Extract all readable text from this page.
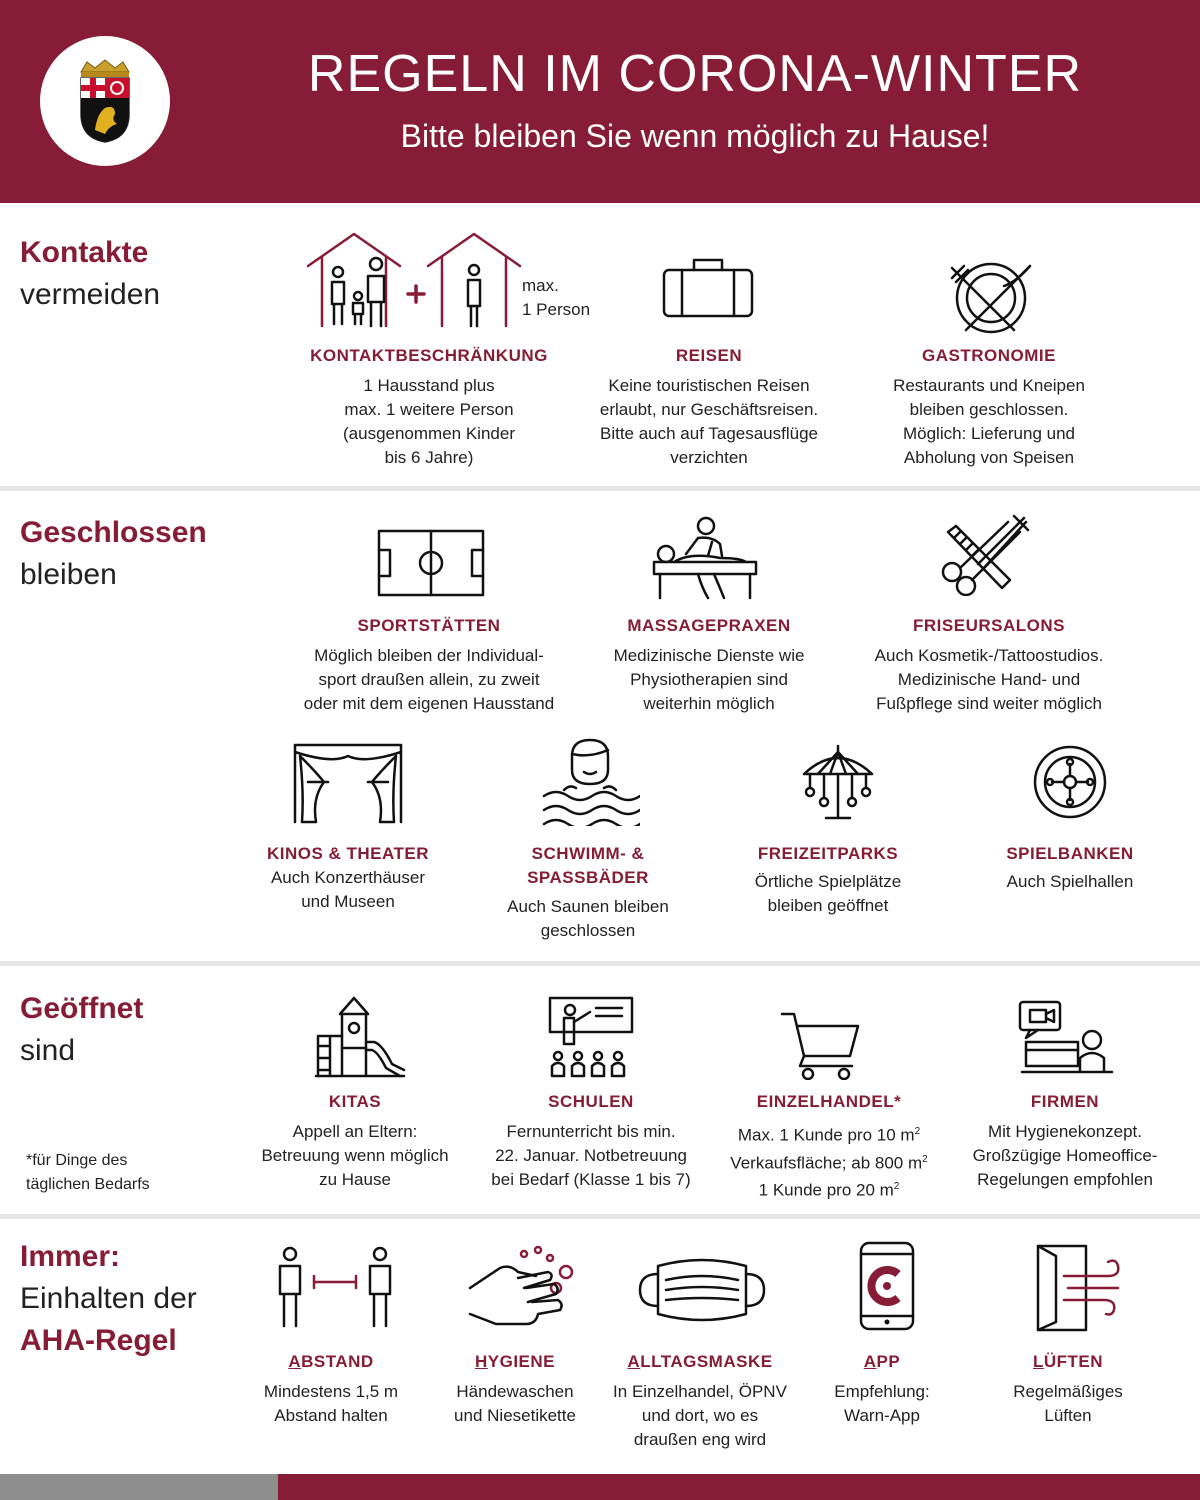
REGELN IM CORONA-WINTER
Bitte bleiben Sie wenn möglich zu Hause!
Kontakte
vermeiden	max.
1 Person
KONTAKTBESCHRÄNKUNG
1 Hausstand plus
max. 1 weitere Person
(ausgenommen Kinder
bis 6 Jahre)
REISEN
Keine touristischen Reisen
erlaubt, nur Geschäftsreisen.
Bitte auch auf Tagesausflüge
verzichten
GASTRONOMIE
Restaurants und Kneipen
bleiben geschlossen.
Möglich: Lieferung und
Abholung von Speisen
Geschlossen
bleiben
SPORTSTÄTTEN
Möglich bleiben der Individual-
sport draußen allein, zu zweit
oder mit dem eigenen Hausstand
MASSAGEPRAXEN
Medizinische Dienste wie
Physiotherapien sind
weiterhin möglich
FRISEURSALONS
Auch Kosmetik-/Tattoostudios.
Medizinische Hand- und
Fußpflege sind weiter möglich
KINOS & THEATER
Auch Konzerthäuser
und Museen
SCHWIMM- &
SPASSBÄDER
Auch Saunen bleiben
geschlossen
FREIZEITPARKS
Örtliche Spielplätze
bleiben geöffnet
SPIELBANKEN
Auch Spielhallen
Geöffnet
sind
KITAS
Appell an Eltern:
Betreuung wenn möglich
zu Hause
SCHULEN
Fernunterricht bis min.
22. Januar. Notbetreuung
bei Bedarf (Klasse 1 bis 7)
EINZELHANDEL*
Max. 1 Kunde pro 10 $m^2$
Verkaufsfläche; ab 800 $m^2$
1 Kunde pro 20 $m^2$
FIRMEN
Mit Hygienekonzept.
Großzügige Homeoffice-
Regelungen empfohlen
*für Dinge des
täglichen Bedarfs
Immer:
Einhalten der
AHA-Regel
ABSTAND
Mindestens 1,5 m
Abstand halten
HYGIENE
Händewaschen
und Niesetikette
ALLTAGSMASKE
In Einzelhandel, ÖPNV
und dort, wo es
draußen eng wird
APP
Empfehlung:
Warn-App
LÜFTEN
Regelmäßiges
Lüften
